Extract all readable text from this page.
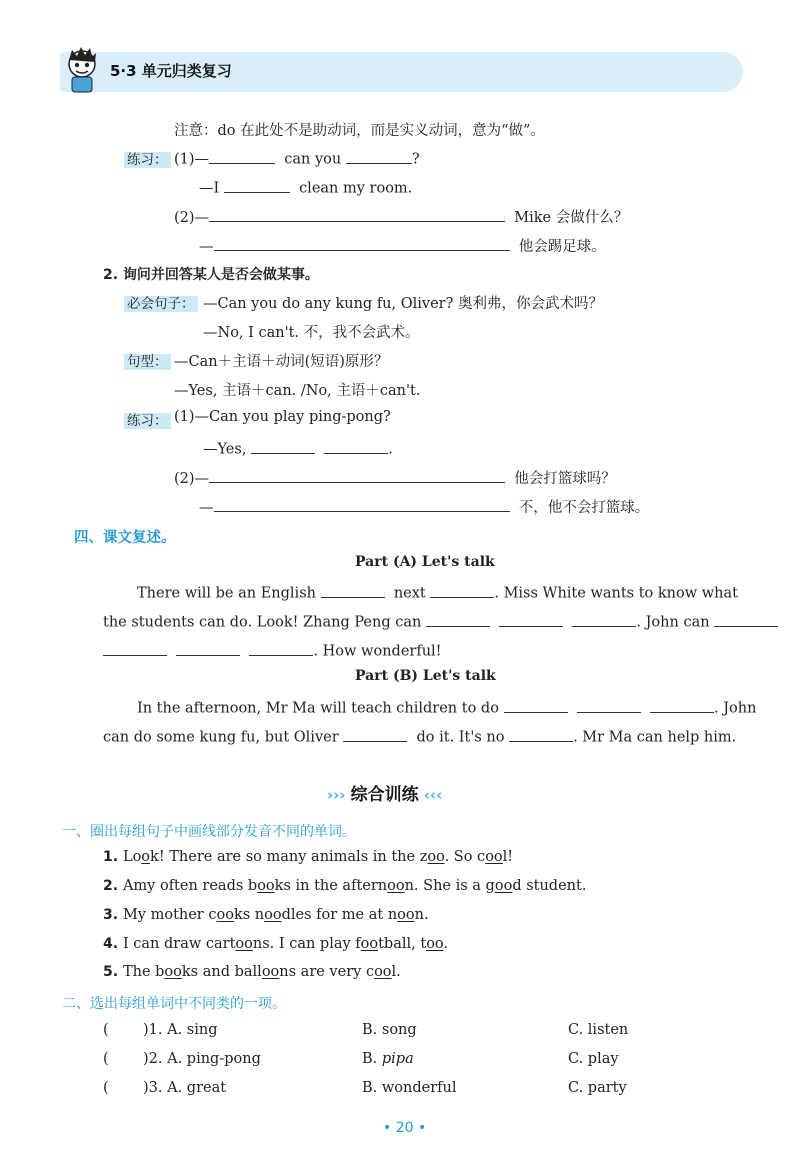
5·3 单元归类复习
注意：do 在此处不是助动词，而是实义动词，意为“做”。
练习： (1)—	can you	?
—I	clean my room.
(2)—	Mike 会做什么？
—	他会踢足球。
2. 询问并回答某人是否会做某事。
必会句子： —Can you do any kung fu, Oliver? 奥利弗，你会武术吗？
—No, I can't. 不，我不会武术。
句型： —Can＋主语＋动词(短语)原形？
—Yes, 主语＋can. /No, 主语＋can't.
练习： (1)—Can you play ping-pong?
—Yes,	.
(2)—	他会打篮球吗？
—	不，他不会打篮球。
四、课文复述。
Part (A) Let's talk
There will be an English	next	. Miss White wants to know what
the students can do. Look! Zhang Peng can	. John can
. How wonderful!
Part (B) Let's talk
In the afternoon, Mr Ma will teach children to do	. John
can do some kung fu, but Oliver	do it. It's no	. Mr Ma can help him.
››› 综合训练 ‹‹‹
一、圈出每组句子中画线部分发音不同的单词。
1. Look! There are so many animals in the zoo. So cool!
2. Amy often reads books in the afternoon. She is a good student.
3. My mother cooks noodles for me at noon.
4. I can draw cartoons. I can play football, too.
5. The books and balloons are very cool.
二、选出每组单词中不同类的一项。
( )1. A. sing	B. song	C. listen
( )2. A. ping-pong	B. pipa	C. play
( )3. A. great	B. wonderful	C. party
• 20 •
